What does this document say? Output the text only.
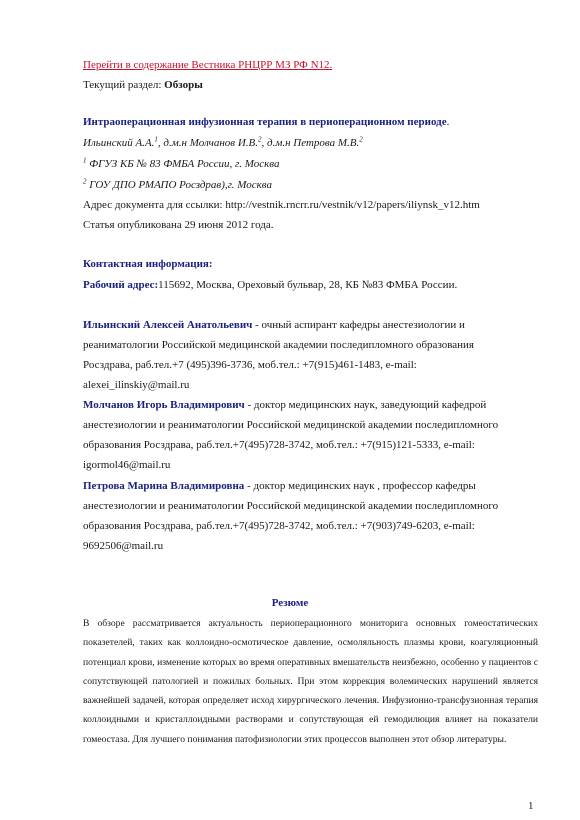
Перейти в содержание Вестника РНЦРР МЗ РФ N12.
Текущий раздел: Обзоры
Интраоперационная инфузионная терапия в периоперационном периоде.
Ильинский А.А.$^1$, д.м.н Молчанов И.В.$^2$, д.м.н Петрова М.В.$^2$
$^1$ ФГУЗ КБ № 83 ФМБА России, г. Москва
$^2$ ГОУ ДПО РМАПО Росздрав),г. Москва
Адрес документа для ссылки: http://vestnik.rncrr.ru/vestnik/v12/papers/iliynsk_v12.htm
Статья опубликована 29 июня 2012 года.
Контактная информация:
Рабочий адрес:115692, Москва, Ореховый бульвар, 28, КБ №83 ФМБА России.
Ильинский Алексей Анатольевич - очный аспирант кафедры анестезиологии и
реаниматологии Российской медицинской академии последипломного образования
Росздрава, раб.тел.+7 (495)396-3736, моб.тел.: +7(915)461-1483, e-mail:
alexei_ilinskiy@mail.ru
Молчанов Игорь Владимирович - доктор медицинских наук, заведующий кафедрой
анестезиологии и реаниматологии Российской медицинской академии последипломного
образования Росздрава, раб.тел.+7(495)728-3742, моб.тел.: +7(915)121-5333, e-mail:
igormol46@mail.ru
Петрова Марина Владимировна - доктор медицинских наук , профессор кафедры
анестезиологии и реаниматологии Российской медицинской академии последипломного
образования Росздрава, раб.тел.+7(495)728-3742, моб.тел.: +7(903)749-6203, e-mail:
9692506@mail.ru
Резюме
В обзоре рассматривается актуальность периоперационного мониторига основных гомеостатических показетелей, таких как коллоидно-осмотическое давление, осмоляльность плазмы крови, коагуляционный потенциал крови, изменение которых во время оперативных вмешательств неизбежно, особенно у пациентов с сопутствующей патологией и пожилых больных. При этом коррекция волемических нарушений является важнейшей задачей, которая определяет исход хирургического лечения. Инфузионно-трансфузионная терапия коллоидными и кристаллоидными растворами и сопутствующая ей гемодилюция влияет на показатели гомеостаза. Для лучшего понимания патофизиологии этих процессов выполнен этот обзор литературы.
1
